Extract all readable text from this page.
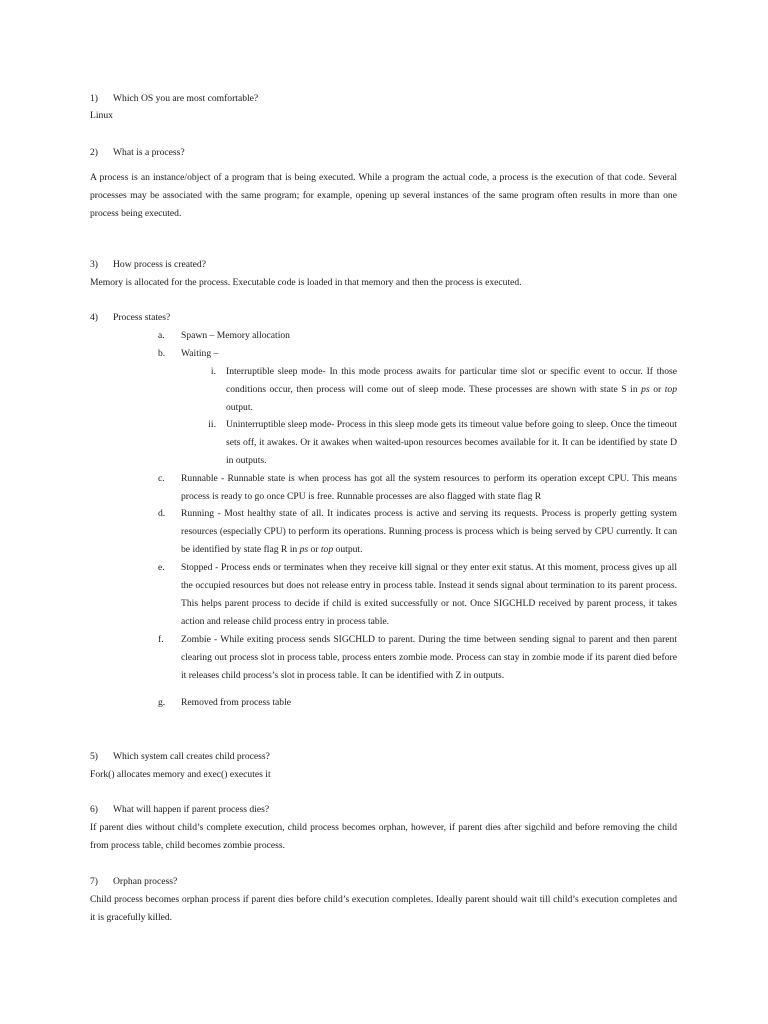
1) Which OS you are most comfortable?
Linux
2) What is a process?
A process is an instance/object of a program that is being executed. While a program the actual code, a process is the execution of that code. Several processes may be associated with the same program; for example, opening up several instances of the same program often results in more than one process being executed.
3) How process is created?
Memory is allocated for the process. Executable code is loaded in that memory and then the process is executed.
4) Process states?
a. Spawn – Memory allocation
b. Waiting –
i. Interruptible sleep mode- In this mode process awaits for particular time slot or specific event to occur. If those conditions occur, then process will come out of sleep mode. These processes are shown with state S in ps or top output.
ii. Uninterruptible sleep mode- Process in this sleep mode gets its timeout value before going to sleep. Once the timeout sets off, it awakes. Or it awakes when waited-upon resources becomes available for it. It can be identified by state D in outputs.
c. Runnable - Runnable state is when process has got all the system resources to perform its operation except CPU. This means process is ready to go once CPU is free. Runnable processes are also flagged with state flag R
d. Running - Most healthy state of all. It indicates process is active and serving its requests. Process is properly getting system resources (especially CPU) to perform its operations. Running process is process which is being served by CPU currently. It can be identified by state flag R in ps or top output.
e. Stopped - Process ends or terminates when they receive kill signal or they enter exit status. At this moment, process gives up all the occupied resources but does not release entry in process table. Instead it sends signal about termination to its parent process. This helps parent process to decide if child is exited successfully or not. Once SIGCHLD received by parent process, it takes action and release child process entry in process table.
f. Zombie - While exiting process sends SIGCHLD to parent. During the time between sending signal to parent and then parent clearing out process slot in process table, process enters zombie mode. Process can stay in zombie mode if its parent died before it releases child process’s slot in process table. It can be identified with Z in outputs.
g. Removed from process table
5) Which system call creates child process?
Fork() allocates memory and exec() executes it
6) What will happen if parent process dies?
If parent dies without child’s complete execution, child process becomes orphan, however, if parent dies after sigchild and before removing the child from process table, child becomes zombie process.
7) Orphan process?
Child process becomes orphan process if parent dies before child’s execution completes. Ideally parent should wait till child’s execution completes and it is gracefully killed.
